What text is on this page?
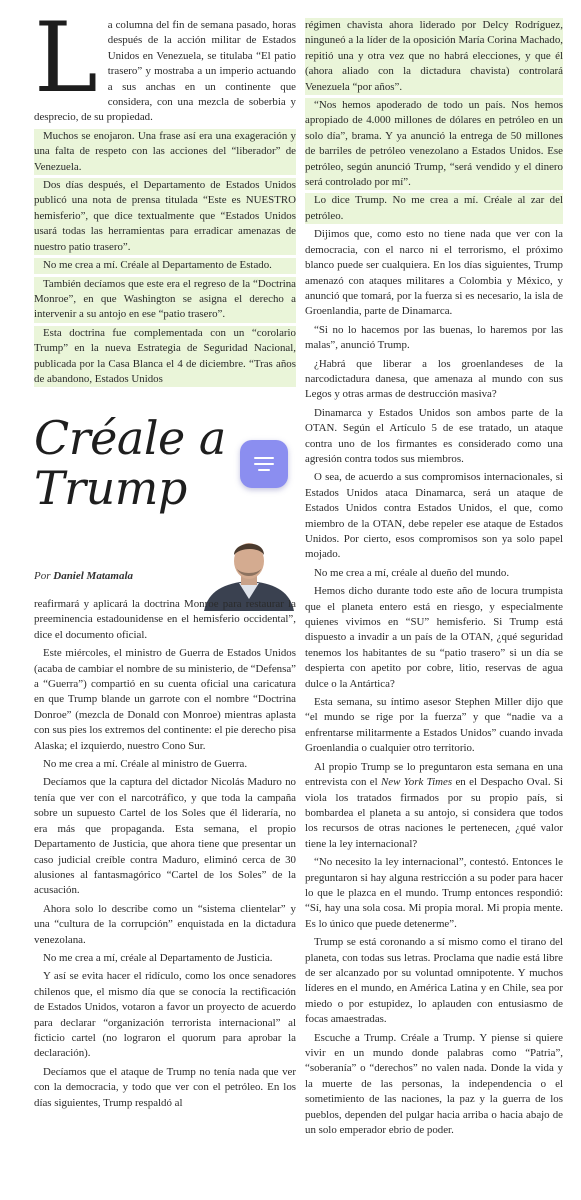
L a columna del fin de semana pasado, horas después de la acción militar de Estados Unidos en Venezuela, se titulaba “El patio trasero” y mostraba a un imperio actuando a sus anchas en un continente que considera, con una mezcla de soberbia y desprecio, de su propiedad.

Muchos se enojaron. Una frase así era una exageración y una falta de respeto con las acciones del “liberador” de Venezuela.

Dos días después, el Departamento de Estados Unidos publicó una nota de prensa titulada “Este es NUESTRO hemisferio”, que dice textualmente que “Estados Unidos usará todas las herramientas para erradicar amenazas de nuestro patio trasero”.

No me crea a mí. Créale al Departamento de Estado.

También decíamos que este era el regreso de la “Doctrina Monroe”, en que Washington se asigna el derecho a intervenir a su antojo en ese “patio trasero”.

Esta doctrina fue complementada con un “corolario Trump” en la nueva Estrategia de Seguridad Nacional, publicada por la Casa Blanca el 4 de diciembre. “Tras años de abandono, Estados Unidos

Créale a
Trump
Por Daniel Matamala

reafirmará y aplicará la doctrina Monroe para restaurar la preeminencia estadounidense en el hemisferio occidental”, dice el documento oficial.

Este miércoles, el ministro de Guerra de Estados Unidos (acaba de cambiar el nombre de su ministerio, de “Defensa” a “Guerra”) compartió en su cuenta oficial una caricatura en que Trump blande un garrote con el nombre “Doctrina Donroe” (mezcla de Donald con Monroe) mientras aplasta con sus pies los extremos del continente: el pie derecho pisa Alaska; el izquierdo, nuestro Cono Sur.

No me crea a mí. Créale al ministro de Guerra.

Decíamos que la captura del dictador Nicolás Maduro no tenía que ver con el narcotráfico, y que toda la campaña sobre un supuesto Cartel de los Soles que él lideraría, no era más que propaganda. Esta semana, el propio Departamento de Justicia, que ahora tiene que presentar un caso judicial creíble contra Maduro, eliminó cerca de 30 alusiones al fantasmagórico “Cartel de los Soles” de la acusación.

Ahora solo lo describe como un “sistema clientelar” y una “cultura de la corrupción” enquistada en la dictadura venezolana.

No me crea a mí, créale al Departamento de Justicia.

Y así se evita hacer el ridículo, como los once senadores chilenos que, el mismo día que se conocía la rectificación de Estados Unidos, votaron a favor un proyecto de acuerdo para declarar “organización terrorista internacional” al ficticio cartel (no lograron el quorum para aprobar la declaración).

Decíamos que el ataque de Trump no tenía nada que ver con la democracia, y todo que ver con el petróleo. En los días siguientes, Trump respaldó al

régimen chavista ahora liderado por Delcy Rodríguez, ninguneó a la líder de la oposición María Corina Machado, repitió una y otra vez que no habrá elecciones, y que él (ahora aliado con la dictadura chavista) controlará Venezuela “por años”.

“Nos hemos apoderado de todo un país. Nos hemos apropiado de 4.000 millones de dólares en petróleo en un solo día”, brama. Y ya anunció la entrega de 50 millones de barriles de petróleo venezolano a Estados Unidos. Ese petróleo, según anunció Trump, “será vendido y el dinero será controlado por mí”.

Lo dice Trump. No me crea a mí. Créale al zar del petróleo.

Dijimos que, como esto no tiene nada que ver con la democracia, con el narco ni el terrorismo, el próximo blanco puede ser cualquiera. En los días siguientes, Trump amenazó con ataques militares a Colombia y México, y anunció que tomará, por la fuerza si es necesario, la isla de Groenlandia, parte de Dinamarca.

“Si no lo hacemos por las buenas, lo haremos por las malas”, anunció Trump.

¿Habrá que liberar a los groenlandeses de la narcodictadura danesa, que amenaza al mundo con sus Legos y otras armas de destrucción masiva?

Dinamarca y Estados Unidos son ambos parte de la OTAN. Según el Artículo 5 de ese tratado, un ataque contra uno de los firmantes es considerado como una agresión contra todos sus miembros.

O sea, de acuerdo a sus compromisos internacionales, si Estados Unidos ataca Dinamarca, será un ataque de Estados Unidos contra Estados Unidos, el que, como miembro de la OTAN, debe repeler ese ataque de Estados Unidos. Por cierto, esos compromisos son ya solo papel mojado.

No me crea a mí, créale al dueño del mundo.

Hemos dicho durante todo este año de locura trumpista que el planeta entero está en riesgo, y especialmente quienes vivimos en “SU” hemisferio. Si Trump está dispuesto a invadir a un país de la OTAN, ¿qué seguridad tenemos los habitantes de su “patio trasero” si un día se despierta con apetito por cobre, litio, reservas de agua dulce o la Antártica?

Esta semana, su íntimo asesor Stephen Miller dijo que “el mundo se rige por la fuerza” y que “nadie va a enfrentarse militarmente a Estados Unidos” cuando invada Groenlandia o cualquier otro territorio.

Al propio Trump se lo preguntaron esta semana en una entrevista con el New York Times en el Despacho Oval. Si viola los tratados firmados por su propio país, si bombardea el planeta a su antojo, si considera que todos los recursos de otras naciones le pertenecen, ¿qué valor tiene la ley internacional?

“No necesito la ley internacional”, contestó. Entonces le preguntaron si hay alguna restricción a su poder para hacer lo que le plazca en el mundo. Trump entonces respondió: “Sí, hay una sola cosa. Mi propia moral. Mi propia mente. Es lo único que puede detenerme”.

Trump se está coronando a sí mismo como el tirano del planeta, con todas sus letras. Proclama que nadie está libre de ser alcanzado por su voluntad omnipotente. Y muchos líderes en el mundo, en América Latina y en Chile, sea por miedo o por estupidez, lo aplauden con entusiasmo de focas amaestradas.

Escuche a Trump. Créale a Trump. Y piense si quiere vivir en un mundo donde palabras como “Patria”, “soberanía” o “derechos” no valen nada. Donde la vida y la muerte de las personas, la independencia o el sometimiento de las naciones, la paz y la guerra de los pueblos, dependen del pulgar hacia arriba o hacia abajo de un solo emperador ebrio de poder.
